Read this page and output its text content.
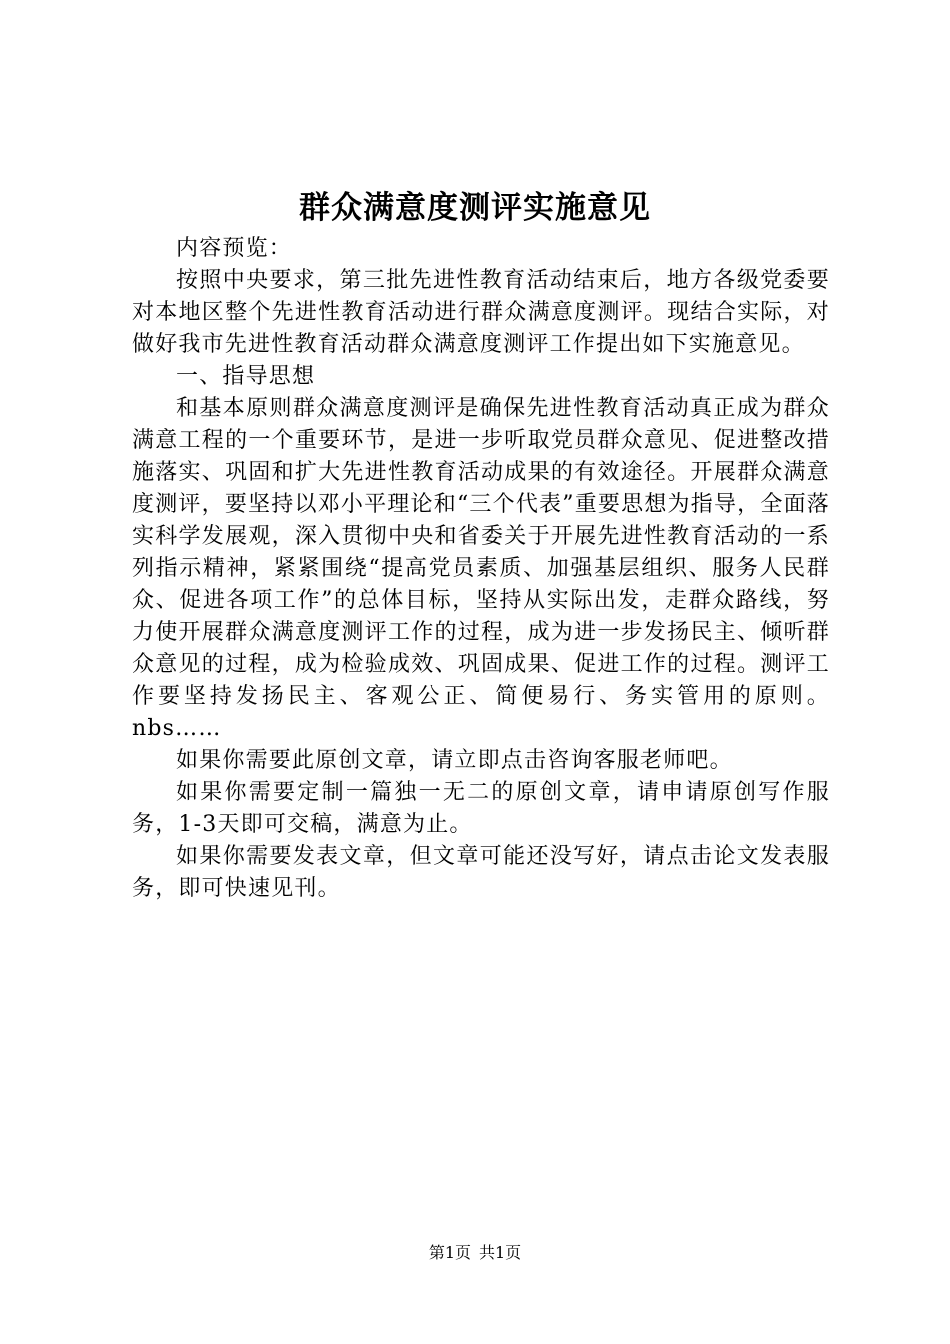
群众满意度测评实施意见

内容预览：

按照中央要求，第三批先进性教育活动结束后，地方各级党委要对本地区整个先进性教育活动进行群众满意度测评。现结合实际，对做好我市先进性教育活动群众满意度测评工作提出如下实施意见。

一、指导思想

和基本原则群众满意度测评是确保先进性教育活动真正成为群众满意工程的一个重要环节，是进一步听取党员群众意见、促进整改措施落实、巩固和扩大先进性教育活动成果的有效途径。开展群众满意度测评，要坚持以邓小平理论和“三个代表”重要思想为指导，全面落实科学发展观，深入贯彻中央和省委关于开展先进性教育活动的一系列指示精神，紧紧围绕“提高党员素质、加强基层组织、服务人民群众、促进各项工作”的总体目标，坚持从实际出发，走群众路线，努力使开展群众满意度测评工作的过程，成为进一步发扬民主、倾听群众意见的过程，成为检验成效、巩固成果、促进工作的过程。测评工作要坚持发扬民主、客观公正、简便易行、务实管用的原则。nbs……

如果你需要此原创文章，请立即点击咨询客服老师吧。

如果你需要定制一篇独一无二的原创文章，请申请原创写作服务，1-3天即可交稿，满意为止。

如果你需要发表文章，但文章可能还没写好，请点击论文发表服务，即可快速见刊。

第1页 共1页
